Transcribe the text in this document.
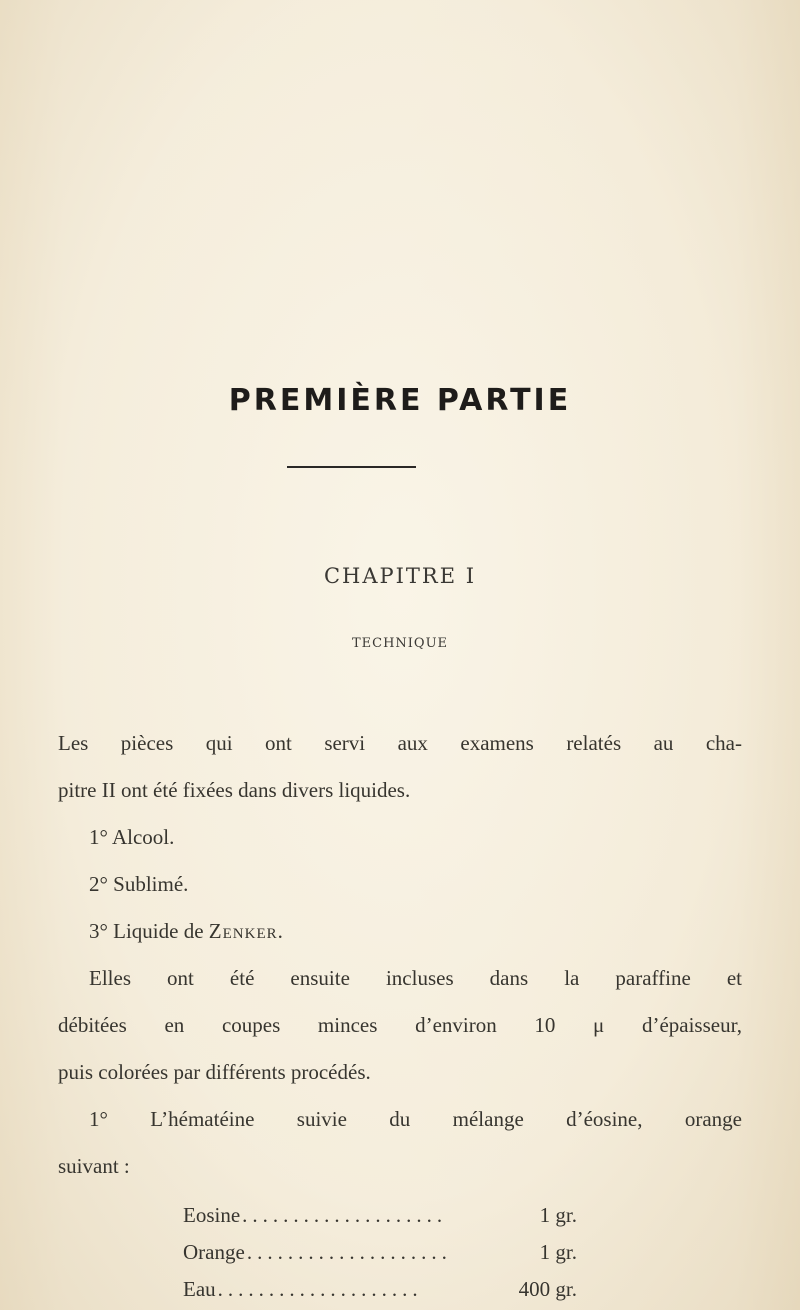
PREMIÈRE PARTIE
CHAPITRE I
TECHNIQUE
Les pièces qui ont servi aux examens relatés au cha-
pitre II ont été fixées dans divers liquides.
1° Alcool.
2° Sublimé.
3° Liquide de Zenker.
Elles ont été ensuite incluses dans la paraffine et
débitées en coupes minces d’environ 10 μ d’épaisseur,
puis colorées par différents procédés.
1° L’hématéine suivie du mélange d’éosine, orange
suivant :
Eosine ....................	1 gr.
Orange ....................	1 gr.
Eau ....................	400 gr.
